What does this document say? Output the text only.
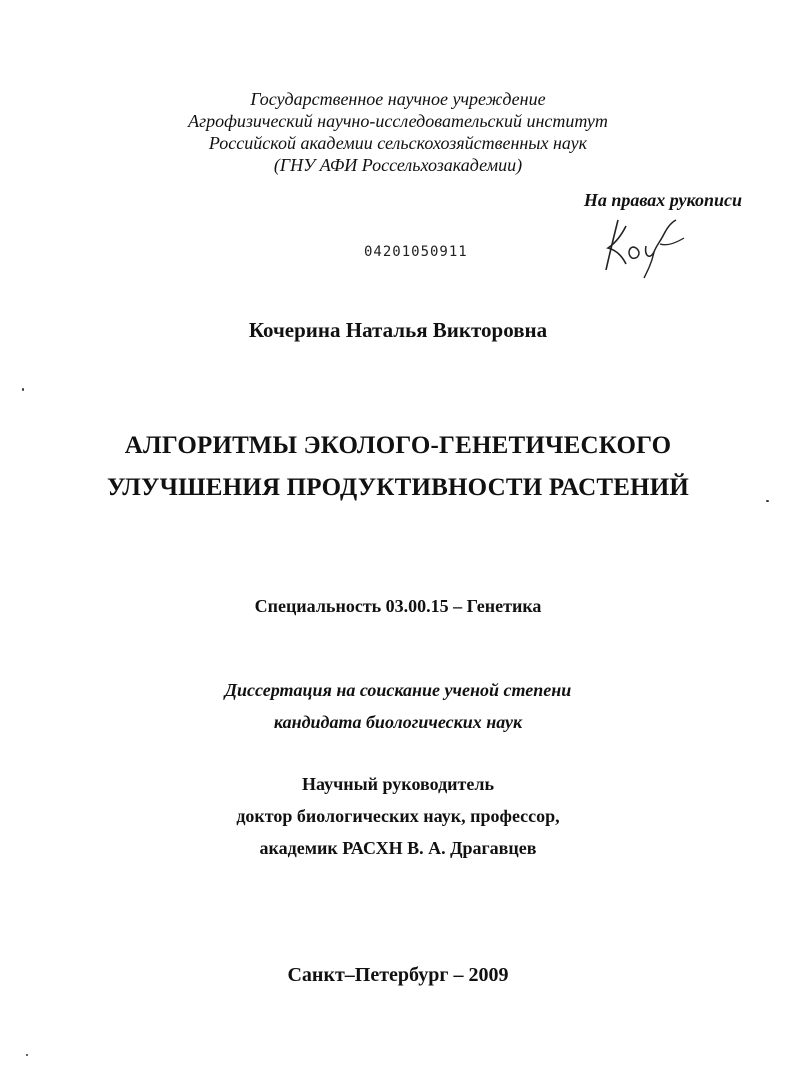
Государственное научное учреждение
Агрофизический научно-исследовательский институт
Российской академии сельскохозяйственных наук
(ГНУ АФИ Россельхозакадемии)
На правах рукописи
04201050911
Кочерина Наталья Викторовна
АЛГОРИТМЫ ЭКОЛОГО-ГЕНЕТИЧЕСКОГО
УЛУЧШЕНИЯ ПРОДУКТИВНОСТИ РАСТЕНИЙ
Специальность 03.00.15 – Генетика
Диссертация на соискание ученой степени
кандидата биологических наук
Научный руководитель
доктор биологических наук, профессор,
академик РАСХН В. А. Драгавцев
Санкт–Петербург – 2009
